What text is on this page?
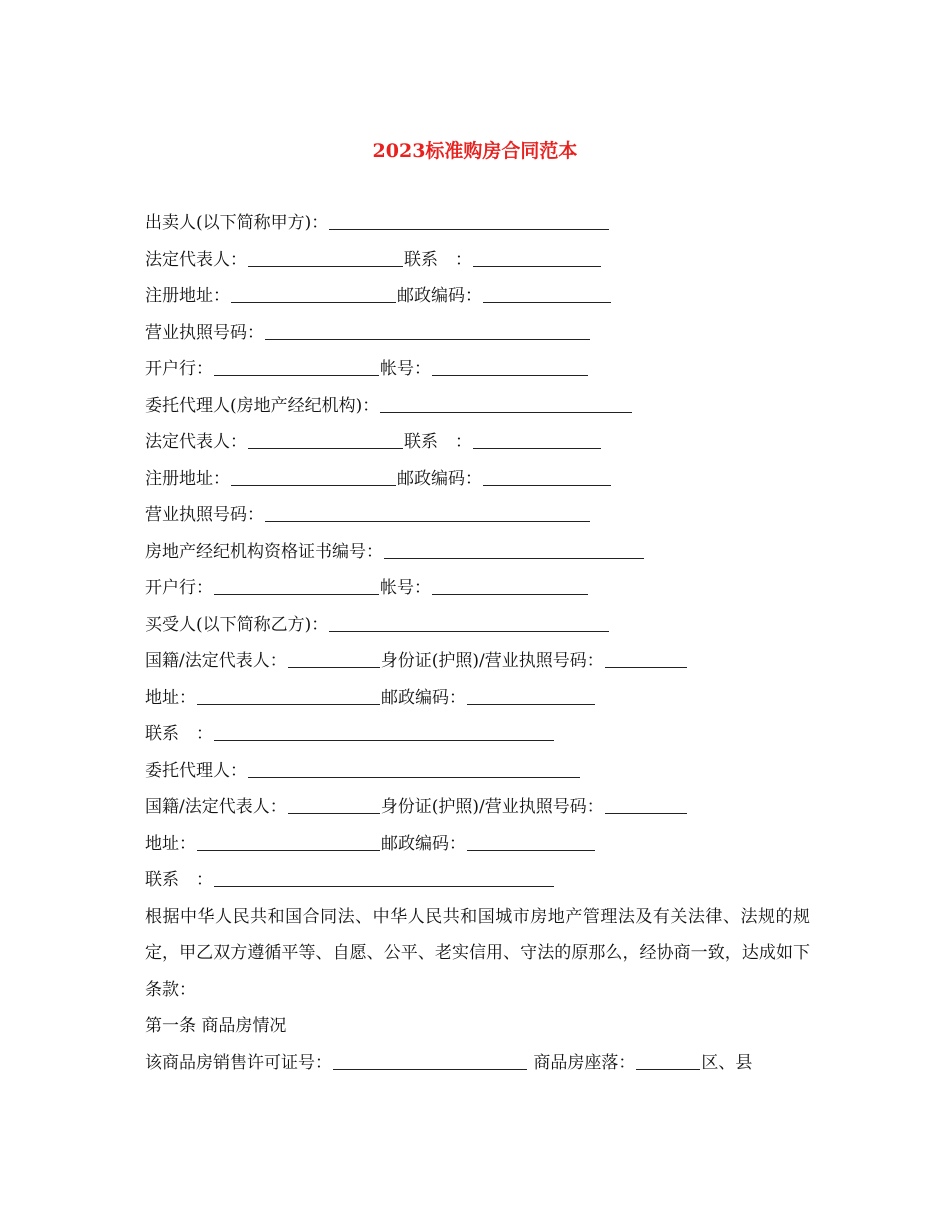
2023标准购房合同范本
出卖人(以下简称甲方)：
法定代表人：	联系　：
注册地址：	邮政编码：
营业执照号码：
开户行：	帐号：
委托代理人(房地产经纪机构)：
法定代表人：	联系　：
注册地址：	邮政编码：
营业执照号码：
房地产经纪机构资格证书编号：
开户行：	帐号：
买受人(以下简称乙方)：
国籍/法定代表人：	身份证(护照)/营业执照号码：
地址：	邮政编码：
联系　：
委托代理人：
国籍/法定代表人：	身份证(护照)/营业执照号码：
地址：	邮政编码：
联系　：

根据中华人民共和国合同法、中华人民共和国城市房地产管理法及有关法律、法规的规定，甲乙双方遵循平等、自愿、公平、老实信用、守法的原那么，经协商一致，达成如下条款：

第一条 商品房情况
该商品房销售许可证号：	商品房座落：	区、县
